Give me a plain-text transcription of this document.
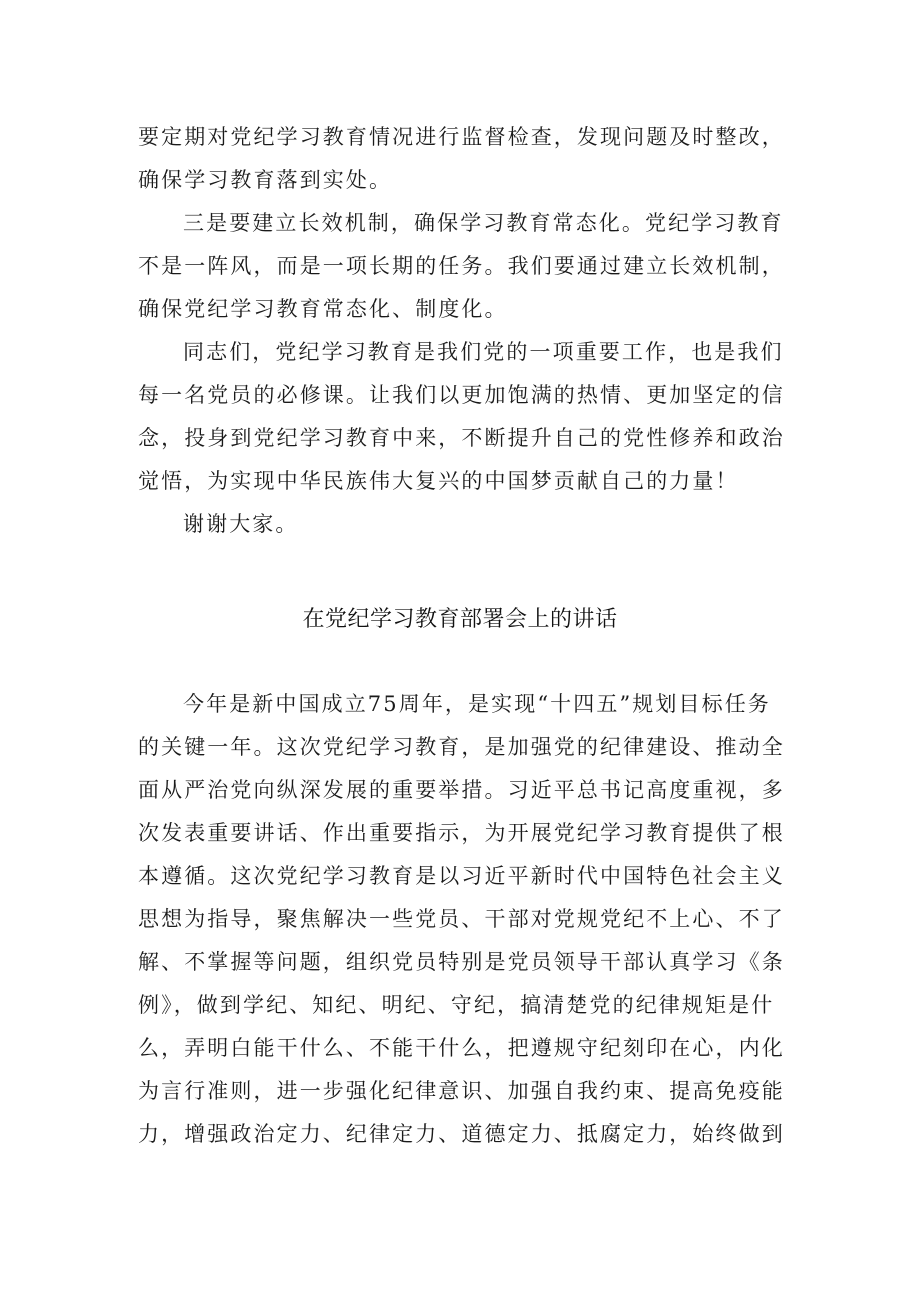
要定期对党纪学习教育情况进行监督检查，发现问题及时整改，
确保学习教育落到实处。
三是要建立长效机制，确保学习教育常态化。党纪学习教育
不是一阵风，而是一项长期的任务。我们要通过建立长效机制，
确保党纪学习教育常态化、制度化。
同志们，党纪学习教育是我们党的一项重要工作，也是我们
每一名党员的必修课。让我们以更加饱满的热情、更加坚定的信
念，投身到党纪学习教育中来，不断提升自己的党性修养和政治
觉悟，为实现中华民族伟大复兴的中国梦贡献自己的力量！
谢谢大家。
在党纪学习教育部署会上的讲话
今年是新中国成立75周年，是实现“十四五”规划目标任务
的关键一年。这次党纪学习教育，是加强党的纪律建设、推动全
面从严治党向纵深发展的重要举措。习近平总书记高度重视，多
次发表重要讲话、作出重要指示，为开展党纪学习教育提供了根
本遵循。这次党纪学习教育是以习近平新时代中国特色社会主义
思想为指导，聚焦解决一些党员、干部对党规党纪不上心、不了
解、不掌握等问题，组织党员特别是党员领导干部认真学习《条
例》，做到学纪、知纪、明纪、守纪，搞清楚党的纪律规矩是什
么，弄明白能干什么、不能干什么，把遵规守纪刻印在心，内化
为言行准则，进一步强化纪律意识、加强自我约束、提高免疫能
力，增强政治定力、纪律定力、道德定力、抵腐定力，始终做到
